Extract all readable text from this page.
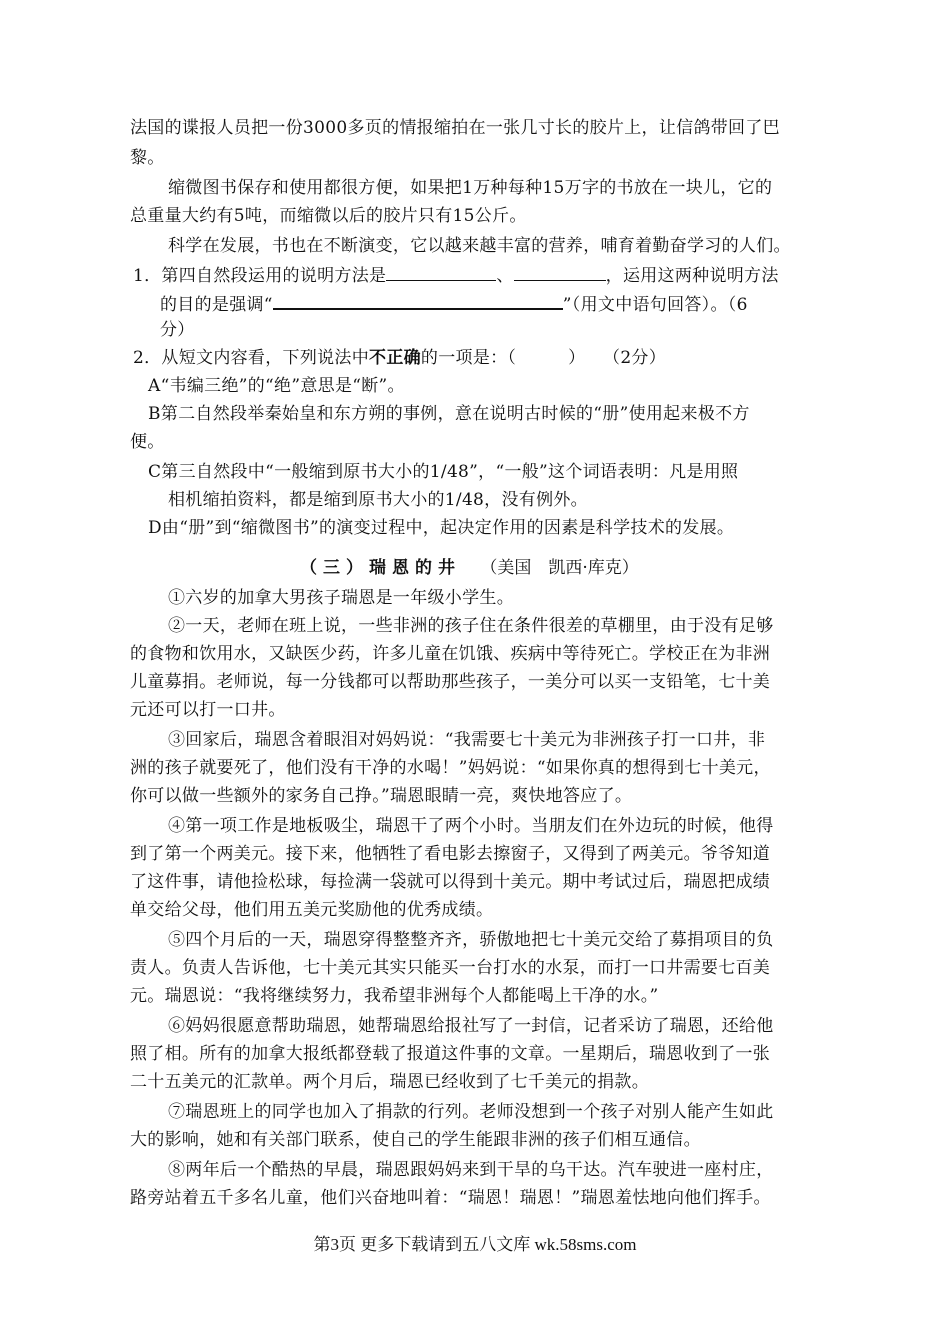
法国的谍报人员把一份3000多页的情报缩拍在一张几寸长的胶片上，让信鸽带回了巴
黎。
缩微图书保存和使用都很方便，如果把1万种每种15万字的书放在一块儿，它的
总重量大约有5吨，而缩微以后的胶片只有15公斤。
科学在发展，书也在不断演变，它以越来越丰富的营养，哺育着勤奋学习的人们。
1．第四自然段运用的说明方法是	、	，运用这两种说明方法
的目的是强调“	”（用文中语句回答）。（6
分）
2．从短文内容看，下列说法中不正确的一项是：（　　　）　　（2分）
A“韦编三绝”的“绝”意思是“断”。
B第二自然段举秦始皇和东方朔的事例，意在说明古时候的“册”使用起来极不方
便。
C第三自然段中“一般缩到原书大小的1/48”，“一般”这个词语表明：凡是用照
相机缩拍资料，都是缩到原书大小的1/48，没有例外。
D由“册”到“缩微图书”的演变过程中，起决定作用的因素是科学技术的发展。
（三）瑞恩的井 （美国　凯西·库克）
①六岁的加拿大男孩子瑞恩是一年级小学生。
②一天，老师在班上说，一些非洲的孩子住在条件很差的草棚里，由于没有足够
的食物和饮用水，又缺医少药，许多儿童在饥饿、疾病中等待死亡。学校正在为非洲
儿童募捐。老师说，每一分钱都可以帮助那些孩子，一美分可以买一支铅笔，七十美
元还可以打一口井。
③回家后，瑞恩含着眼泪对妈妈说：“我需要七十美元为非洲孩子打一口井，非
洲的孩子就要死了，他们没有干净的水喝！”妈妈说：“如果你真的想得到七十美元，
你可以做一些额外的家务自己挣。”瑞恩眼睛一亮，爽快地答应了。
④第一项工作是地板吸尘，瑞恩干了两个小时。当朋友们在外边玩的时候，他得
到了第一个两美元。接下来，他牺牲了看电影去擦窗子，又得到了两美元。爷爷知道
了这件事，请他捡松球，每捡满一袋就可以得到十美元。期中考试过后，瑞恩把成绩
单交给父母，他们用五美元奖励他的优秀成绩。
⑤四个月后的一天，瑞恩穿得整整齐齐，骄傲地把七十美元交给了募捐项目的负
责人。负责人告诉他，七十美元其实只能买一台打水的水泵，而打一口井需要七百美
元。瑞恩说：“我将继续努力，我希望非洲每个人都能喝上干净的水。”
⑥妈妈很愿意帮助瑞恩，她帮瑞恩给报社写了一封信，记者采访了瑞恩，还给他
照了相。所有的加拿大报纸都登载了报道这件事的文章。一星期后，瑞恩收到了一张
二十五美元的汇款单。两个月后，瑞恩已经收到了七千美元的捐款。
⑦瑞恩班上的同学也加入了捐款的行列。老师没想到一个孩子对别人能产生如此
大的影响，她和有关部门联系，使自己的学生能跟非洲的孩子们相互通信。
⑧两年后一个酷热的早晨，瑞恩跟妈妈来到干旱的乌干达。汽车驶进一座村庄，
路旁站着五千多名儿童，他们兴奋地叫着：“瑞恩！瑞恩！”瑞恩羞怯地向他们挥手。
第3页 更多下载请到五八文库 wk.58sms.com
